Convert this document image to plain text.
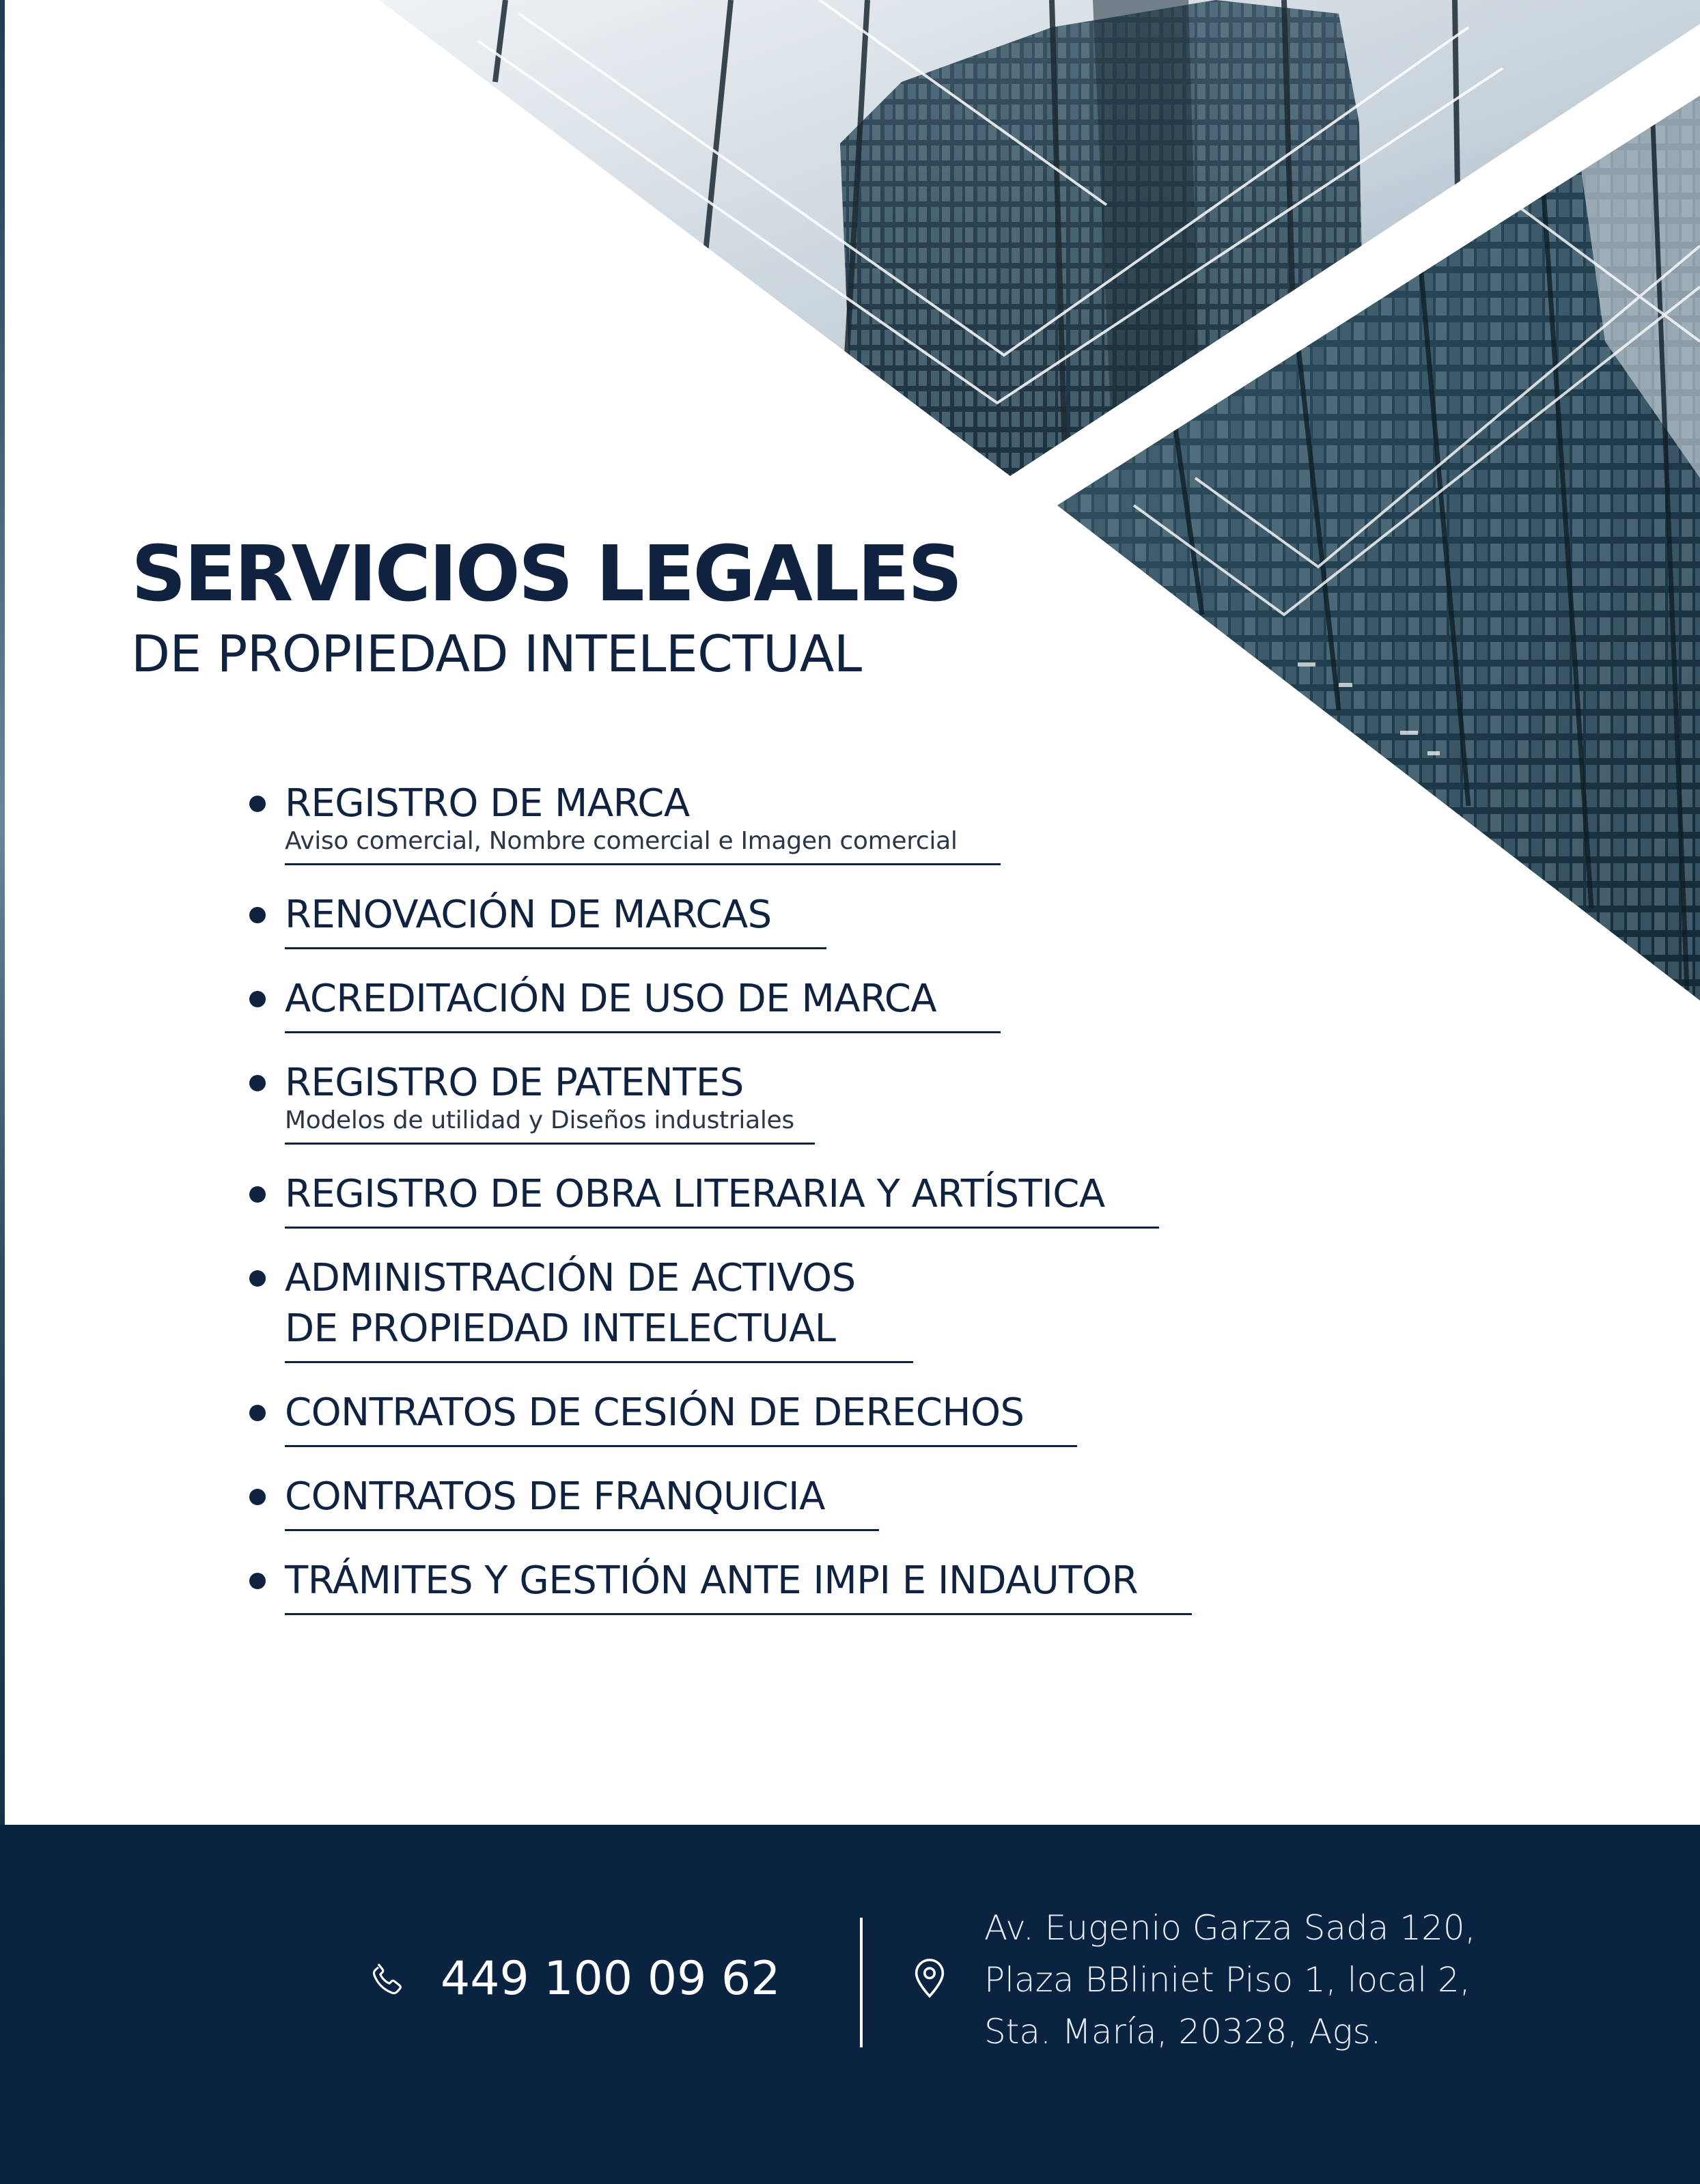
SERVICIOS LEGALES
DE PROPIEDAD INTELECTUAL
REGISTRO DE MARCA
Aviso comercial, Nombre comercial e Imagen comercial
RENOVACIÓN DE MARCAS
ACREDITACIÓN DE USO DE MARCA
REGISTRO DE PATENTES
Modelos de utilidad y Diseños industriales
REGISTRO DE OBRA LITERARIA Y ARTÍSTICA
ADMINISTRACIÓN DE ACTIVOS
DE PROPIEDAD INTELECTUAL
CONTRATOS DE CESIÓN DE DERECHOS
CONTRATOS DE FRANQUICIA
TRÁMITES Y GESTIÓN ANTE IMPI E INDAUTOR
449 100 09 62
Av. Eugenio Garza Sada 120,
Plaza BBliniet Piso 1, local 2,
Sta. María, 20328, Ags.
